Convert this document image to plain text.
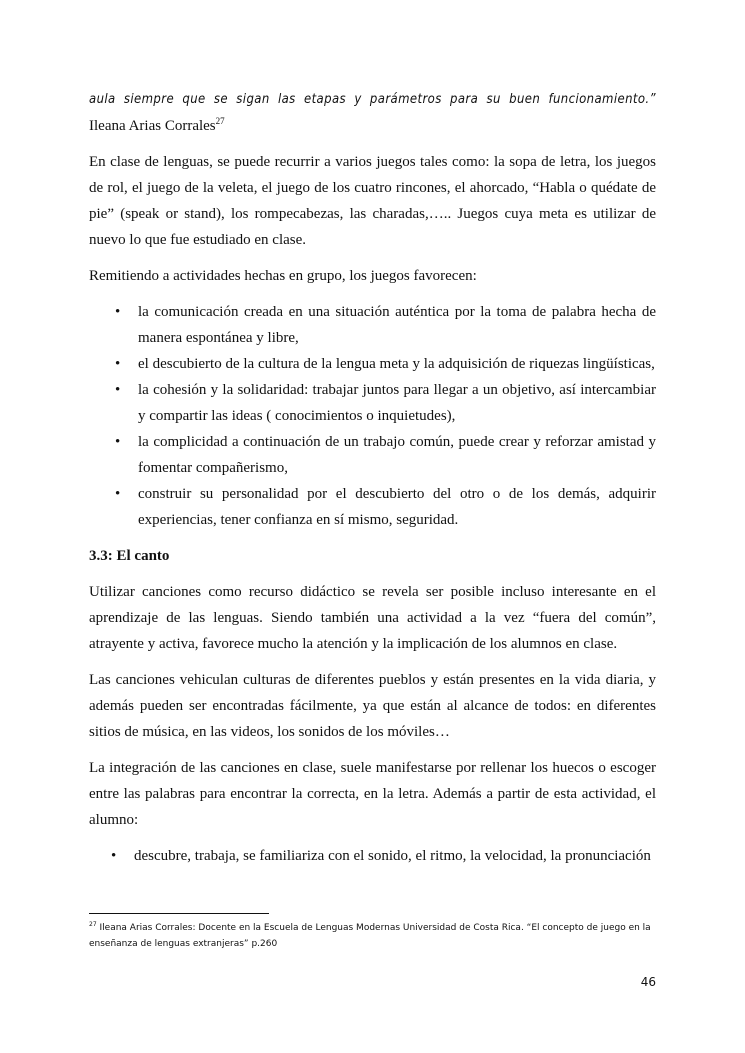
aula siempre que se sigan las etapas y parámetros para su buen funcionamiento.” Ileana Arias Corrales$^{27}$

En clase de lenguas, se puede recurrir a varios juegos tales como: la sopa de letra, los juegos de rol, el juego de la veleta, el juego de los cuatro rincones, el ahorcado, “Habla o quédate de pie” (speak or stand), los rompecabezas, las charadas,….. Juegos cuya meta es utilizar de nuevo lo que fue estudiado en clase.

Remitiendo a actividades hechas en grupo, los juegos favorecen:

• la comunicación creada en una situación auténtica por la toma de palabra hecha de manera espontánea y libre,
• el descubierto de la cultura de la lengua meta y la adquisición de riquezas lingüísticas,
• la cohesión y la solidaridad: trabajar juntos para llegar a un objetivo, así intercambiar y compartir las ideas ( conocimientos o inquietudes),
• la complicidad a continuación de un trabajo común, puede crear y reforzar amistad y fomentar compañerismo,
• construir su personalidad por el descubierto del otro o de los demás, adquirir experiencias, tener confianza en sí mismo, seguridad.
3.3: El canto

Utilizar canciones como recurso didáctico se revela ser posible incluso interesante en el aprendizaje de las lenguas. Siendo también una actividad a la vez “fuera del común”, atrayente y activa, favorece mucho la atención y la implicación de los alumnos en clase.

Las canciones vehiculan culturas de diferentes pueblos y están presentes en la vida diaria, y además pueden ser encontradas fácilmente, ya que están al alcance de todos: en diferentes sitios de música, en las videos, los sonidos de los móviles…

La integración de las canciones en clase, suele manifestarse por rellenar los huecos o escoger entre las palabras para encontrar la correcta, en la letra. Además a partir de esta actividad, el alumno:

• descubre, trabaja, se familiariza con el sonido, el ritmo, la velocidad, la pronunciación
$^{27}$ Ileana Arias Corrales: Docente en la Escuela de Lenguas Modernas Universidad de Costa Rica. “El concepto de juego en la enseñanza de lenguas extranjeras” p.260
46
